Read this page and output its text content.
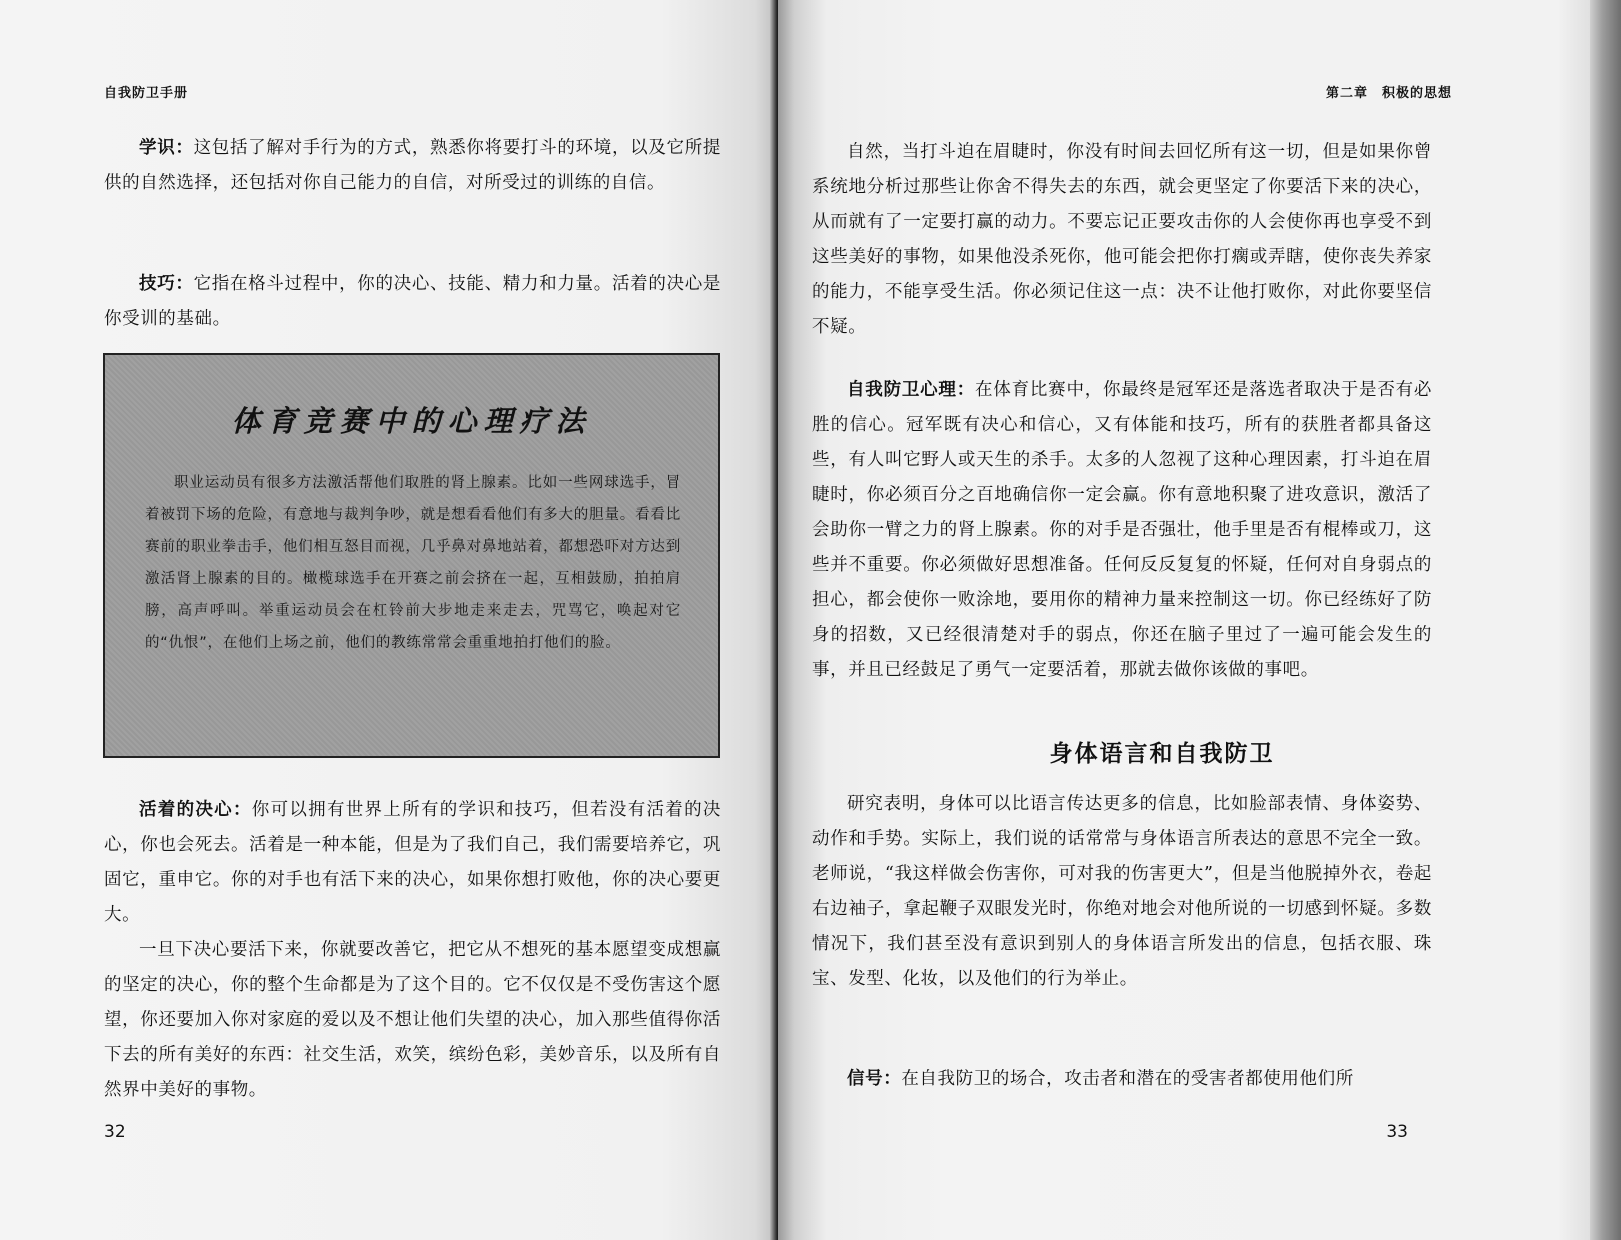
自我防卫手册

学识：这包括了解对手行为的方式，熟悉你将要打斗的环境，以及它所提供的自然选择，还包括对你自己能力的自信，对所受过的训练的自信。

技巧：它指在格斗过程中，你的决心、技能、精力和力量。活着的决心是你受训的基础。

体育竞赛中的心理疗法
职业运动员有很多方法激活帮他们取胜的肾上腺素。比如一些网球选手，冒着被罚下场的危险，有意地与裁判争吵，就是想看看他们有多大的胆量。看看比赛前的职业拳击手，他们相互怒目而视，几乎鼻对鼻地站着，都想恐吓对方达到激活肾上腺素的目的。橄榄球选手在开赛之前会挤在一起，互相鼓励，拍拍肩膀，高声呼叫。举重运动员会在杠铃前大步地走来走去，咒骂它，唤起对它的“仇恨”，在他们上场之前，他们的教练常常会重重地拍打他们的脸。

活着的决心：你可以拥有世界上所有的学识和技巧，但若没有活着的决心，你也会死去。活着是一种本能，但是为了我们自己，我们需要培养它，巩固它，重申它。你的对手也有活下来的决心，如果你想打败他，你的决心要更大。

一旦下决心要活下来，你就要改善它，把它从不想死的基本愿望变成想赢的坚定的决心，你的整个生命都是为了这个目的。它不仅仅是不受伤害这个愿望，你还要加入你对家庭的爱以及不想让他们失望的决心，加入那些值得你活下去的所有美好的东西：社交生活，欢笑，缤纷色彩，美妙音乐，以及所有自然界中美好的事物。

32
第二章　积极的思想

自然，当打斗迫在眉睫时，你没有时间去回忆所有这一切，但是如果你曾系统地分析过那些让你舍不得失去的东西，就会更坚定了你要活下来的决心，从而就有了一定要打赢的动力。不要忘记正要攻击你的人会使你再也享受不到这些美好的事物，如果他没杀死你，他可能会把你打瘸或弄瞎，使你丧失养家的能力，不能享受生活。你必须记住这一点：决不让他打败你，对此你要坚信不疑。

自我防卫心理：在体育比赛中，你最终是冠军还是落选者取决于是否有必胜的信心。冠军既有决心和信心，又有体能和技巧，所有的获胜者都具备这些，有人叫它野人或天生的杀手。太多的人忽视了这种心理因素，打斗迫在眉睫时，你必须百分之百地确信你一定会赢。你有意地积聚了进攻意识，激活了会助你一臂之力的肾上腺素。你的对手是否强壮，他手里是否有棍棒或刀，这些并不重要。你必须做好思想准备。任何反反复复的怀疑，任何对自身弱点的担心，都会使你一败涂地，要用你的精神力量来控制这一切。你已经练好了防身的招数，又已经很清楚对手的弱点，你还在脑子里过了一遍可能会发生的事，并且已经鼓足了勇气一定要活着，那就去做你该做的事吧。

身体语言和自我防卫

研究表明，身体可以比语言传达更多的信息，比如脸部表情、身体姿势、动作和手势。实际上，我们说的话常常与身体语言所表达的意思不完全一致。老师说，“我这样做会伤害你，可对我的伤害更大”，但是当他脱掉外衣，卷起右边袖子，拿起鞭子双眼发光时，你绝对地会对他所说的一切感到怀疑。多数情况下，我们甚至没有意识到别人的身体语言所发出的信息，包括衣服、珠宝、发型、化妆，以及他们的行为举止。

信号：在自我防卫的场合，攻击者和潜在的受害者都使用他们所

33
